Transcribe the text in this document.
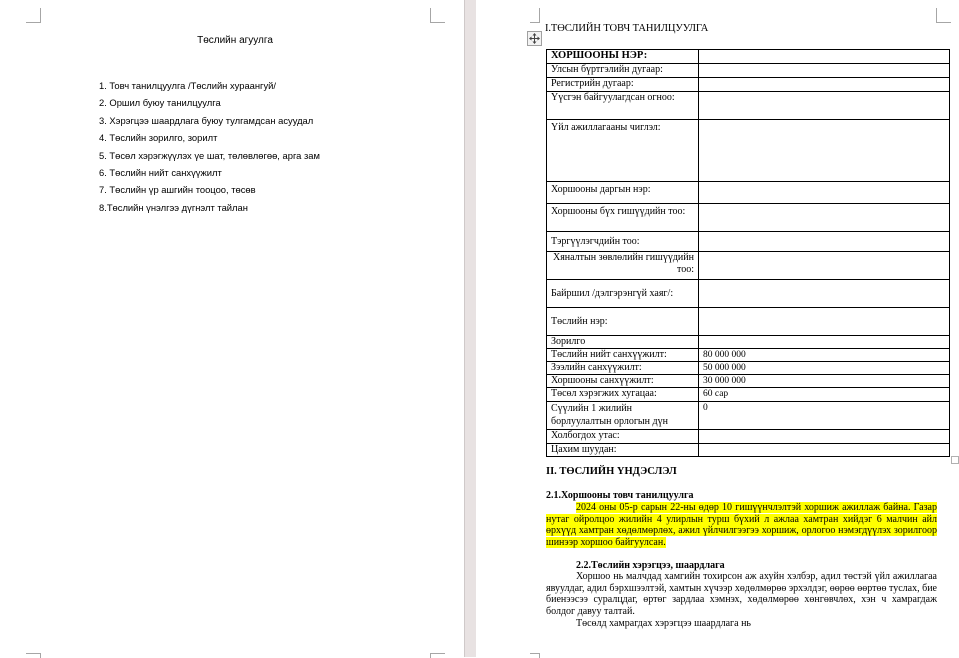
Төслийн агуулга
1. Товч танилцуулга /Төслийн хураангуй/
2. Оршил буюу танилцуулга
3. Хэрэгцээ шаардлага буюу тулгамдсан асуудал
4. Төслийн зорилго, зорилт
5. Төсөл хэрэгжүүлэх үе шат, төлөвлөгөө, арга зам
6. Төслийн нийт санхүүжилт
7. Төслийн үр ашгийн тооцоо, төсөв
8.Төслийн үнэлгээ дүгнэлт тайлан
I.ТӨСЛИЙН ТОВЧ ТАНИЛЦУУЛГА
ХОРШООНЫ НЭР:	
Улсын бүртгэлийн дугаар:	
Регистрийн дугаар:	
Үүсгэн байгуулагдсан огноо:	
Үйл ажиллагааны чиглэл:	
Хоршооны даргын нэр:	
Хоршооны бүх гишүүдийн тоо:	
Тэргүүлэгчдийн тоо:	
Хяналтын зөвлөлийн гишүүдийн тоо:	
Байршил /дэлгэрэнгүй хаяг/:	
Төслийн нэр:	
Зорилго	
Төслийн нийт санхүүжилт:	80 000 000
Зээлийн санхүүжилт:	50 000 000
Хоршооны санхүүжилт:	30 000 000
Төсөл хэрэгжих хугацаа:	60 сар
Сүүлийн 1 жилийн борлуулалтын орлогын дүн	0
Холбогдох утас:	
Цахим шуудан:	
II. ТӨСЛИЙН ҮНДЭСЛЭЛ
2.1.Хоршооны товч танилцуулга

2024 оны 05-р сарын 22-ны өдөр 10 гишүүнчлэлтэй хоршиж ажиллаж байна. Газар нутаг ойролцоо жилийн 4 улирлын турш бүхий л ажлаа хамтран хийдэг 6 малчин айл өрхүүд хамтран хөдөлмөрлөх, ажил үйлчилгээгээ хоршиж, орлогоо нэмэгдүүлэх зорилгоор шинээр хоршоо байгуулсан.

2.2.Төслийн хэрэгцээ, шаардлага

Хоршоо нь малчдад хамгийн тохирсон аж ахуйн хэлбэр, адил төстэй үйл ажиллагаа явуулдаг, адил бэрхшээлтэй, хамтын хүчээр хөдөлмөрөө эрхэлдэг, өөрөө өөртөө туслах, бие биенээсээ суралцдаг, өртөг зардлаа хэмнэх, хөдөлмөрөө хөнгөвчлөх, хэн ч хамрагдаж болдог давуу талтай.

Төсөлд хамрагдах хэрэгцээ шаардлага нь
